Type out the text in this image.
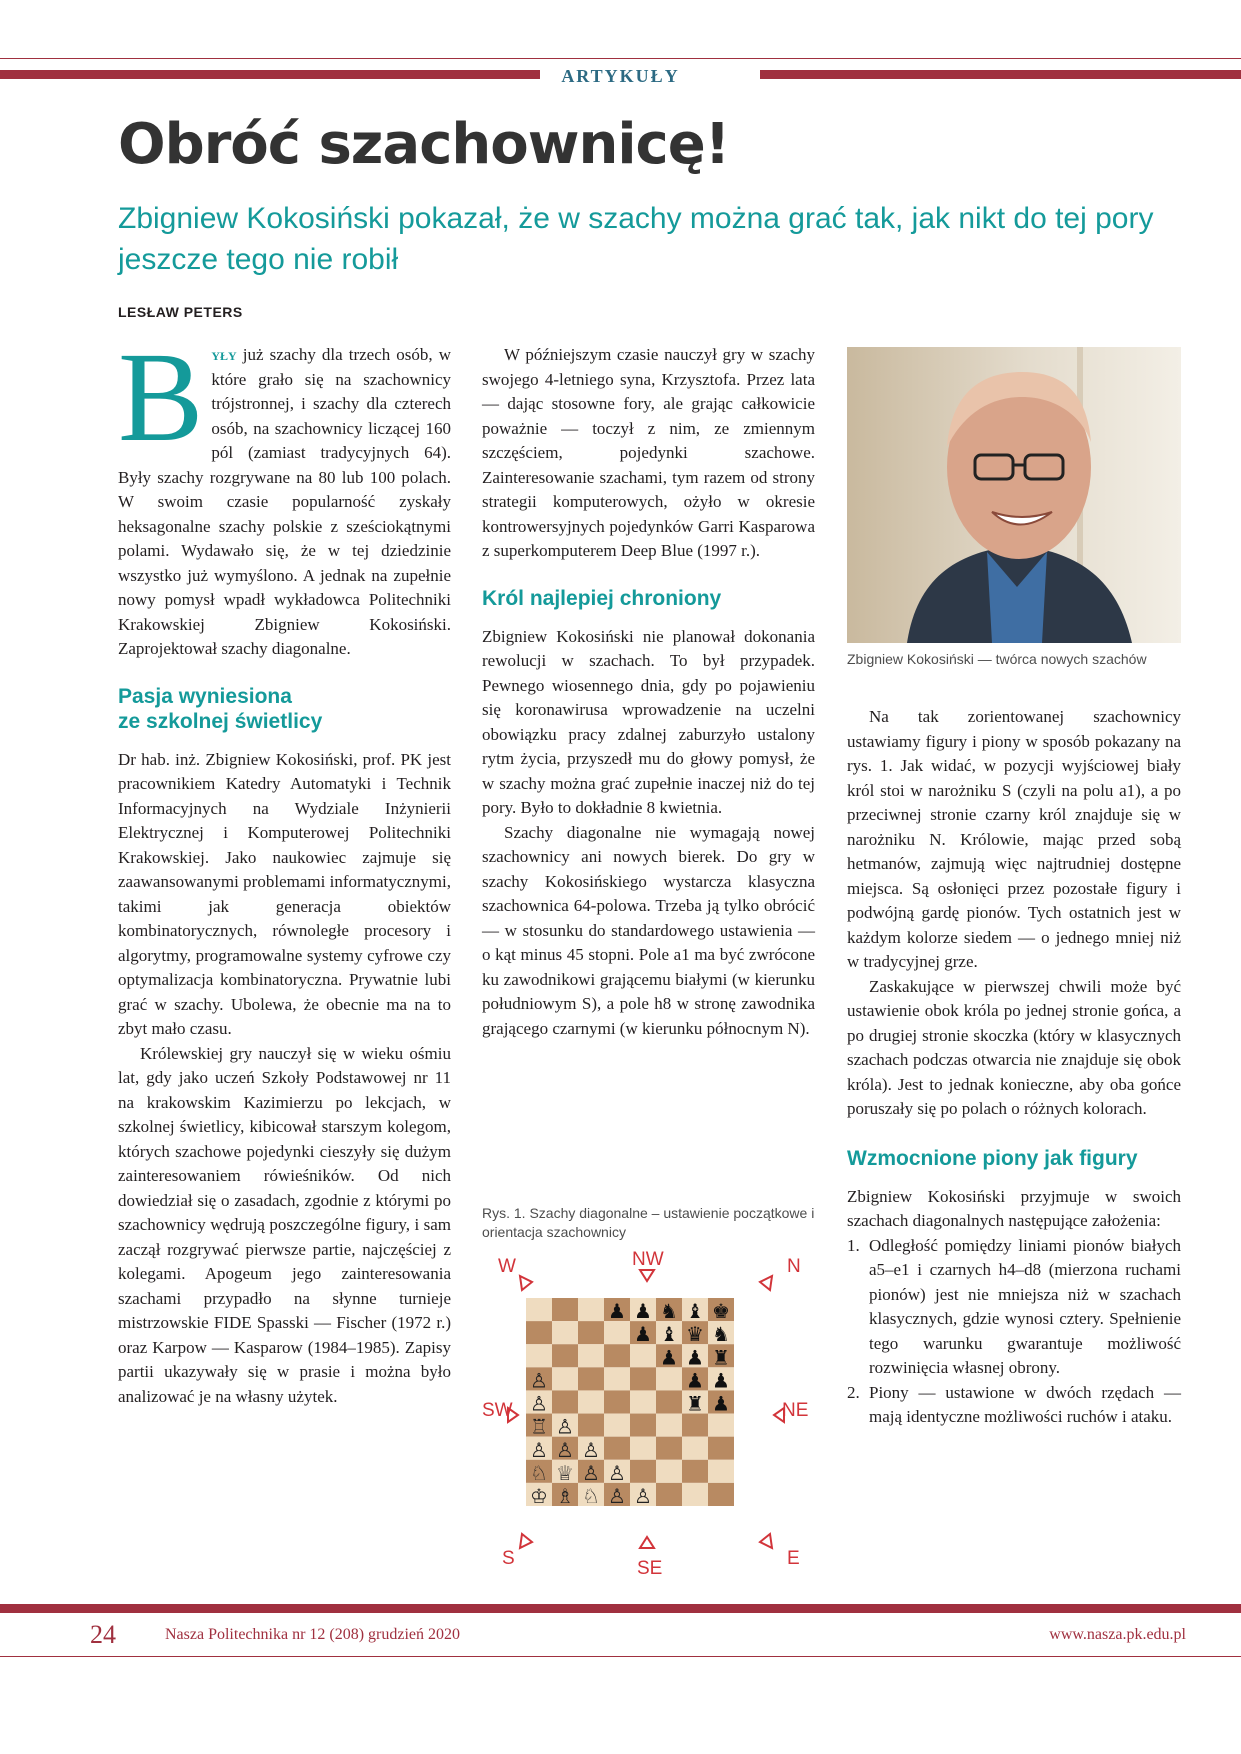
ARTYKUŁY
Obróć szachownicę!
Zbigniew Kokosiński pokazał, że w szachy można grać tak, jak nikt do tej pory jeszcze tego nie robił
LESŁAW PETERS

Były już szachy dla trzech osób, w które grało się na szachownicy trójstronnej, i szachy dla czterech osób, na szachownicy liczącej 160 pól (zamiast tradycyjnych 64). Były szachy rozgrywane na 80 lub 100 polach. W swoim czasie popularność zyskały heksagonalne szachy polskie z sześciokątnymi polami. Wydawało się, że w tej dziedzinie wszystko już wymyślono. A jednak na zupełnie nowy pomysł wpadł wykładowca Politechniki Krakowskiej Zbigniew Kokosiński. Zaprojektował szachy diagonalne.

Pasja wyniesiona
ze szkolnej świetlicy

Dr hab. inż. Zbigniew Kokosiński, prof. PK jest pracownikiem Katedry Automatyki i Technik Informacyjnych na Wydziale Inżynierii Elektrycznej i Komputerowej Politechniki Krakowskiej. Jako naukowiec zajmuje się zaawansowanymi problemami informatycznymi, takimi jak generacja obiektów kombinatorycznych, równoległe procesory i algorytmy, programowalne systemy cyfrowe czy optymalizacja kombinatoryczna. Prywatnie lubi grać w szachy. Ubolewa, że obecnie ma na to zbyt mało czasu.

Królewskiej gry nauczył się w wieku ośmiu lat, gdy jako uczeń Szkoły Podstawowej nr 11 na krakowskim Kazimierzu po lekcjach, w szkolnej świetlicy, kibicował starszym kolegom, których szachowe pojedynki cieszyły się dużym zainteresowaniem rówieśników. Od nich dowiedział się o zasadach, zgodnie z którymi po szachownicy wędrują poszczególne figury, i sam zaczął rozgrywać pierwsze partie, najczęściej z kolegami. Apogeum jego zainteresowania szachami przypadło na słynne turnieje mistrzowskie FIDE Spasski — Fischer (1972 r.) oraz Karpow — Kasparow (1984–1985). Zapisy partii ukazywały się w prasie i można było analizować je na własny użytek.

W późniejszym czasie nauczył gry w szachy swojego 4-letniego syna, Krzysztofa. Przez lata — dając stosowne fory, ale grając całkowicie poważnie — toczył z nim, ze zmiennym szczęściem, pojedynki szachowe. Zainteresowanie szachami, tym razem od strony strategii komputerowych, ożyło w okresie kontrowersyjnych pojedynków Garri Kasparowa z superkomputerem Deep Blue (1997 r.).

Król najlepiej chroniony

Zbigniew Kokosiński nie planował dokonania rewolucji w szachach. To był przypadek. Pewnego wiosennego dnia, gdy po pojawieniu się koronawirusa wprowadzenie na uczelni obowiązku pracy zdalnej zaburzyło ustalony rytm życia, przyszedł mu do głowy pomysł, że w szachy można grać zupełnie inaczej niż do tej pory. Było to dokładnie 8 kwietnia.

Szachy diagonalne nie wymagają nowej szachownicy ani nowych bierek. Do gry w szachy Kokosińskiego wystarcza klasyczna szachownica 64-polowa. Trzeba ją tylko obrócić — w stosunku do standardowego ustawienia — o kąt minus 45 stopni. Pole a1 ma być zwrócone ku zawodnikowi grającemu białymi (w kierunku południowym S), a pole h8 w stronę zawodnika grającego czarnymi (w kierunku północnym N).

Rys. 1. Szachy diagonalne – ustawienie początkowe i orientacja szachownicy
♟ ♟ ♞ ♝ ♚
♟ ♝ ♛ ♞
♟ ♟ ♜
♟ ♟
♜ ♟
♙
♙
♖ ♙
♙ ♙ ♙
♘ ♕ ♙ ♙
♔ ♗ ♘ ♙ ♙
W	NW	N
SW	NE
S	SE	E
Zbigniew Kokosiński — twórca nowych szachów

Na tak zorientowanej szachownicy ustawiamy figury i piony w sposób pokazany na rys. 1. Jak widać, w pozycji wyjściowej biały król stoi w narożniku S (czyli na polu a1), a po przeciwnej stronie czarny król znajduje się w narożniku N. Królowie, mając przed sobą hetmanów, zajmują więc najtrudniej dostępne miejsca. Są osłonięci przez pozostałe figury i podwójną gardę pionów. Tych ostatnich jest w każdym kolorze siedem — o jednego mniej niż w tradycyjnej grze.

Zaskakujące w pierwszej chwili może być ustawienie obok króla po jednej stronie gońca, a po drugiej stronie skoczka (który w klasycznych szachach podczas otwarcia nie znajduje się obok króla). Jest to jednak konieczne, aby oba gońce poruszały się po polach o różnych kolorach.

Wzmocnione piony jak figury

Zbigniew Kokosiński przyjmuje w swoich szachach diagonalnych następujące założenia:

1. Odległość pomiędzy liniami pionów białych a5–e1 i czarnych h4–d8 (mierzona ruchami pionów) jest nie mniejsza niż w szachach klasycznych, gdzie wynosi cztery. Spełnienie tego warunku gwarantuje możliwość rozwinięcia własnej obrony.
2. Piony — ustawione w dwóch rzędach — mają identyczne możliwości ruchów i ataku.
24	Nasza Politechnika nr 12 (208) grudzień 2020	www.nasza.pk.edu.pl
